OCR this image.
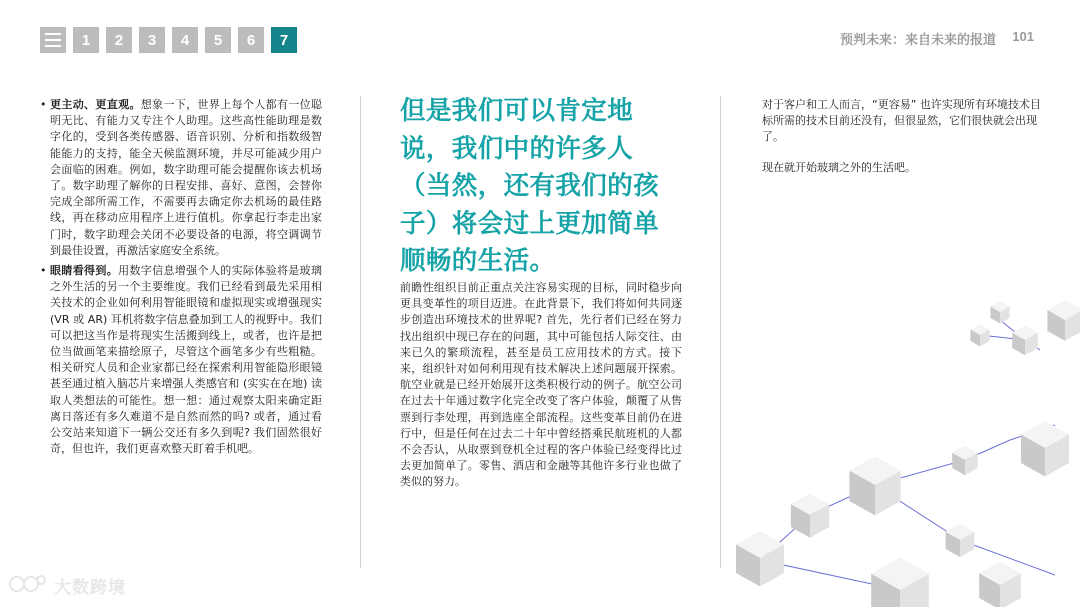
1	2	3	4	5	6	7	预判未来：来自未来的报道 101
• 更主动、更直观。想象一下，世界上每个人都有一位聪明无比、有能力又专注个人助理。这些高性能助理是数字化的，受到各类传感器、语音识别、分析和指数级智能能力的支持，能全天候监测环境，并尽可能减少用户会面临的困难。例如，数字助理可能会提醒你该去机场了。数字助理了解你的日程安排、喜好、意图，会替你完成全部所需工作，不需要再去确定你去机场的最佳路线，再在移动应用程序上进行值机。你拿起行李走出家门时，数字助理会关闭不必要设备的电源，将空调调节到最佳设置，再激活家庭安全系统。
• 眼睛看得到。用数字信息增强个人的实际体验将是玻璃之外生活的另一个主要维度。我们已经看到最先采用相关技术的企业如何利用智能眼镜和虚拟现实或增强现实 (VR 或 AR) 耳机将数字信息叠加到工人的视野中。我们可以把这当作是将现实生活搬到线上，或者，也许是把位当做画笔来描绘原子，尽管这个画笔多少有些粗糙。相关研究人员和企业家都已经在探索利用智能隐形眼镜甚至通过植入脑芯片来增强人类感官和 (实实在在地) 读取人类想法的可能性。想一想：通过观察太阳来确定距离日落还有多久难道不是自然而然的吗? 或者，通过看公交站来知道下一辆公交还有多久到呢? 我们固然很好奇，但也许，我们更喜欢整天盯着手机吧。
但是我们可以肯定地说，我们中的许多人（当然，还有我们的孩子）将会过上更加简单顺畅的生活。
前瞻性组织目前正重点关注容易实现的目标，同时稳步向更具变革性的项目迈进。在此背景下，我们将如何共同逐步创造出环境技术的世界呢? 首先，先行者们已经在努力找出组织中现已存在的问题，其中可能包括人际交往、由来已久的繁琐流程，甚至是员工应用技术的方式。接下来，组织针对如何利用现有技术解决上述问题展开探索。航空业就是已经开始展开这类积极行动的例子。航空公司在过去十年通过数字化完全改变了客户体验，颠覆了从售票到行李处理，再到选座全部流程。这些变革目前仍在进行中，但是任何在过去二十年中曾经搭乘民航班机的人都不会否认，从取票到登机全过程的客户体验已经变得比过去更加简单了。零售、酒店和金融等其他许多行业也做了类似的努力。

对于客户和工人而言，“更容易” 也许实现所有环境技术目标所需的技术目前还没有，但很显然，它们很快就会出现了。

现在就开始玻璃之外的生活吧。

大数跨境
